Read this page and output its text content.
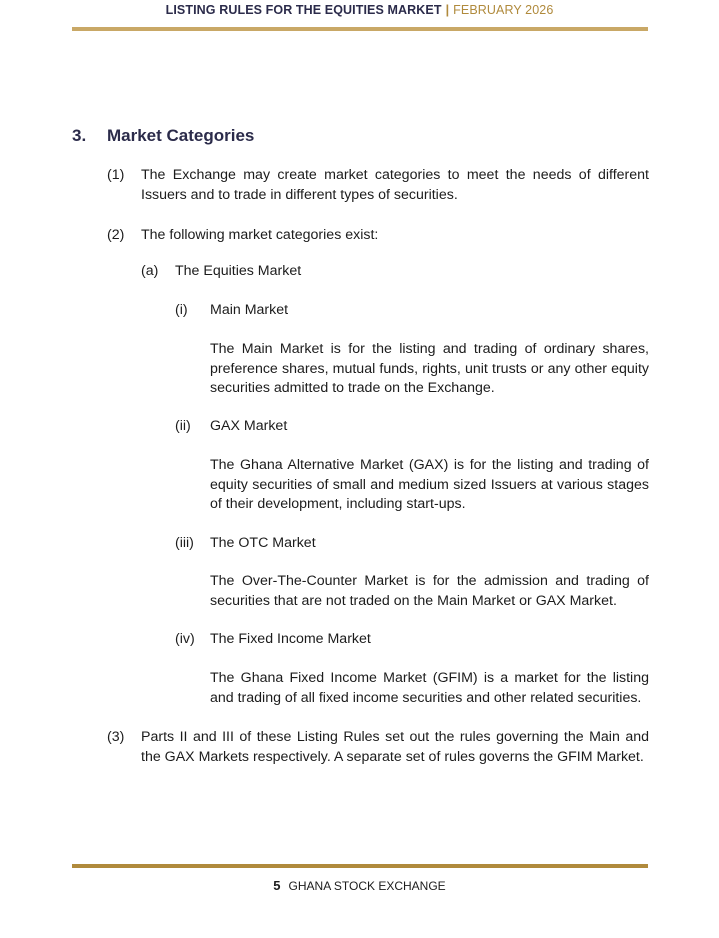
LISTING RULES FOR THE EQUITIES MARKET | FEBRUARY 2026
3. Market Categories
(1) The Exchange may create market categories to meet the needs of different Issuers and to trade in different types of securities.
(2) The following market categories exist:
(a) The Equities Market
(i) Main Market
The Main Market is for the listing and trading of ordinary shares, preference shares, mutual funds, rights, unit trusts or any other equity securities admitted to trade on the Exchange.
(ii) GAX Market
The Ghana Alternative Market (GAX) is for the listing and trading of equity securities of small and medium sized Issuers at various stages of their development, including start-ups.
(iii) The OTC Market
The Over-The-Counter Market is for the admission and trading of securities that are not traded on the Main Market or GAX Market.
(iv) The Fixed Income Market
The Ghana Fixed Income Market (GFIM) is a market for the listing and trading of all fixed income securities and other related securities.
(3) Parts II and III of these Listing Rules set out the rules governing the Main and the GAX Markets respectively. A separate set of rules governs the GFIM Market.
5 GHANA STOCK EXCHANGE
